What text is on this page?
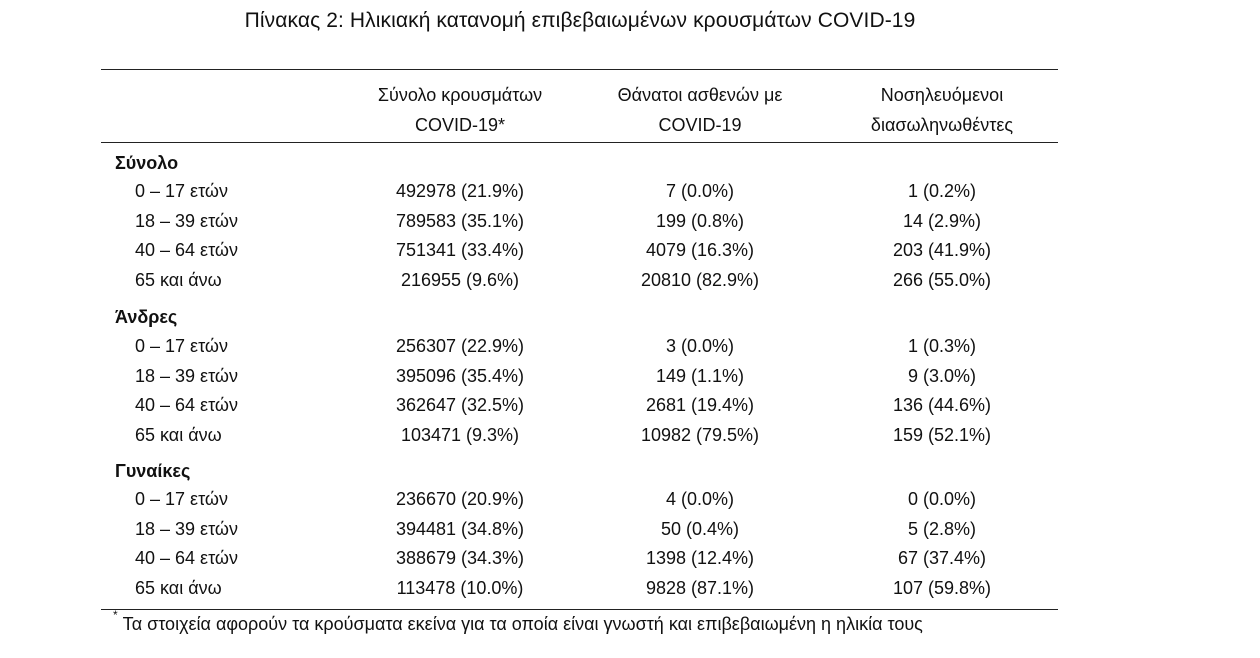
Πίνακας 2: Ηλικιακή κατανομή επιβεβαιωμένων κρουσμάτων COVID-19
Σύνολο κρουσμάτων
COVID-19*
Θάνατοι ασθενών με
COVID-19
Νοσηλευόμενοι
διασωληνωθέντες
Σύνολο
0 – 17 ετών	492978 (21.9%)	7 (0.0%)	1 (0.2%)
18 – 39 ετών	789583 (35.1%)	199 (0.8%)	14 (2.9%)
40 – 64 ετών	751341 (33.4%)	4079 (16.3%)	203 (41.9%)
65 και άνω	216955 (9.6%)	20810 (82.9%)	266 (55.0%)
Άνδρες
0 – 17 ετών	256307 (22.9%)	3 (0.0%)	1 (0.3%)
18 – 39 ετών	395096 (35.4%)	149 (1.1%)	9 (3.0%)
40 – 64 ετών	362647 (32.5%)	2681 (19.4%)	136 (44.6%)
65 και άνω	103471 (9.3%)	10982 (79.5%)	159 (52.1%)
Γυναίκες
0 – 17 ετών	236670 (20.9%)	4 (0.0%)	0 (0.0%)
18 – 39 ετών	394481 (34.8%)	50 (0.4%)	5 (2.8%)
40 – 64 ετών	388679 (34.3%)	1398 (12.4%)	67 (37.4%)
65 και άνω	113478 (10.0%)	9828 (87.1%)	107 (59.8%)
* Τα στοιχεία αφορούν τα κρούσματα εκείνα για τα οποία είναι γνωστή και επιβεβαιωμένη η ηλικία τους
